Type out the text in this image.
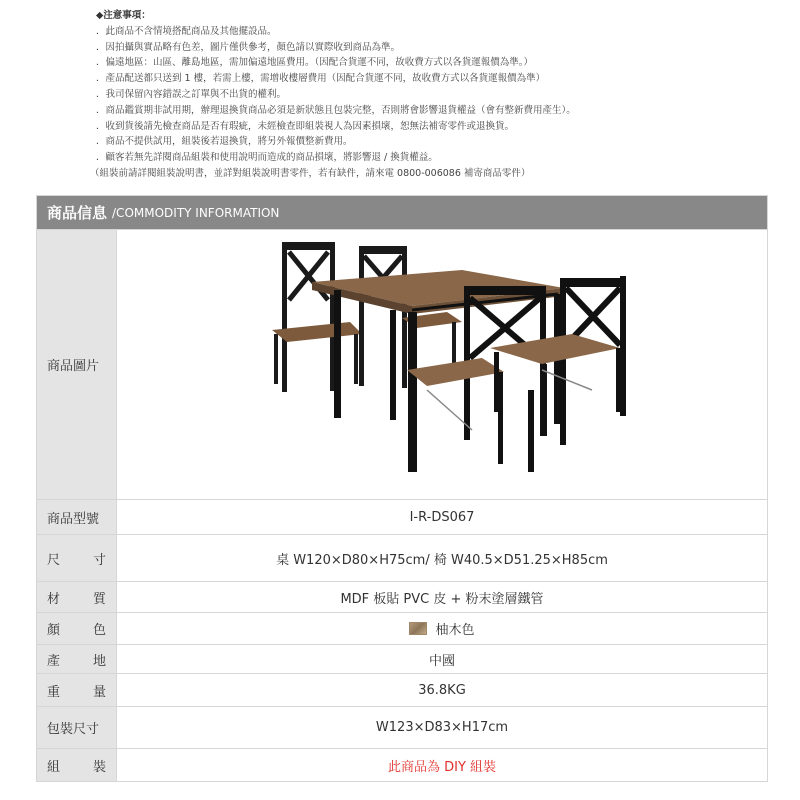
◆注意事項：
．此商品不含情境搭配商品及其他擺設品。
．因拍攝與實品略有色差，圖片僅供參考，顏色請以實際收到商品為準。
．偏遠地區：山區、離島地區，需加偏遠地區費用。（因配合貨運不同，故收費方式以各貨運報價為準。）
．產品配送都只送到 1 樓，若需上樓，需增收樓層費用（因配合貨運不同，故收費方式以各貨運報價為準）
．我司保留內容錯誤之訂單與不出貨的權利。
．商品鑑賞期非試用期，辦理退換貨商品必須是新狀態且包裝完整，否則將會影響退貨權益（會有整新費用產生）。
．收到貨後請先檢查商品是否有瑕疵，未經檢查即組裝視人為因素損壞，恕無法補寄零件或退換貨。
．商品不提供試用，組裝後若退換貨，將另外報價整新費用。
．顧客若無先詳閱商品組裝和使用說明而造成的商品損壞，將影響退 / 換貨權益。
（組裝前請詳閱組裝說明書，並詳對組裝說明書零件，若有缺件，請來電 0800-006086 補寄商品零件）
商品信息 /COMMODITY INFORMATION
商品圖片
商品型號	I-R-DS067
尺	寸	桌 W120×D80×H75cm/ 椅 W40.5×D51.25×H85cm
材	質	MDF 板貼 PVC 皮 + 粉末塗層鐵管
顏	色	柚木色
產	地	中國
重	量	36.8KG
包裝尺寸	W123×D83×H17cm
組	裝	此商品為 DIY 組裝
